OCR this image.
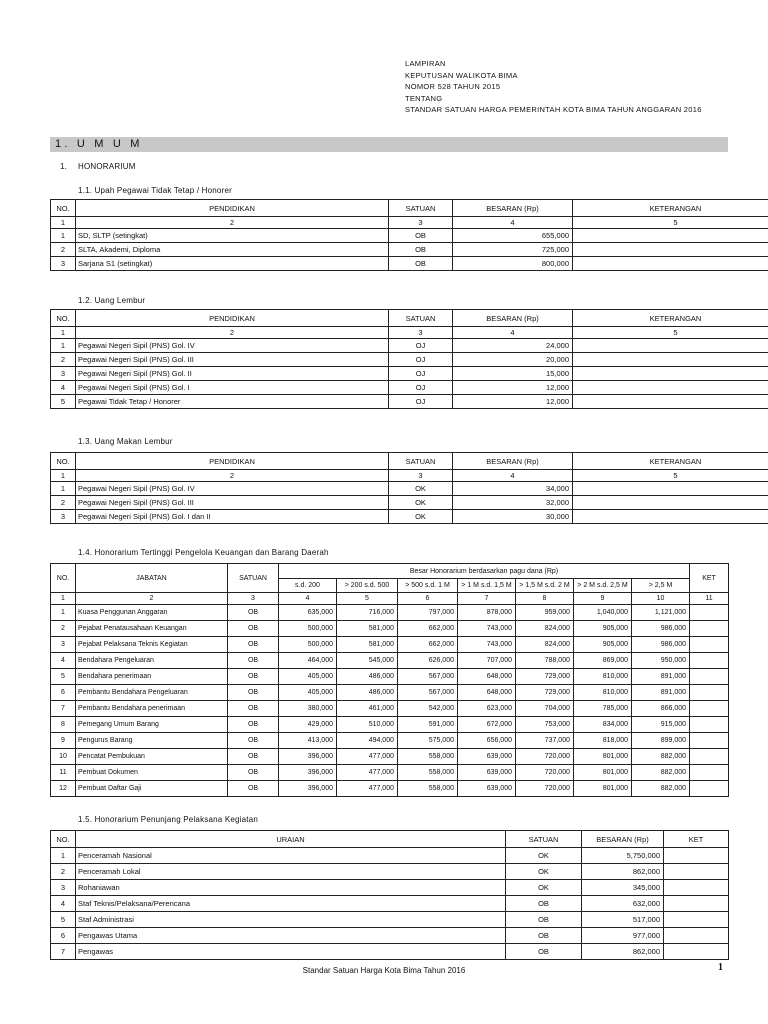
LAMPIRAN
KEPUTUSAN WALIKOTA BIMA
NOMOR 528 TAHUN 2015
TENTANG
STANDAR SATUAN HARGA PEMERINTAH KOTA BIMA TAHUN ANGGARAN 2016
1. U M U M
1. HONORARIUM
1.1. Upah Pegawai Tidak Tetap / Honorer
NO.	PENDIDIKAN	SATUAN	BESARAN (Rp)	KETERANGAN
1	2	3	4	5
1	SD, SLTP (setingkat)	OB	655,000	
2	SLTA, Akademi, Diploma	OB	725,000	
3	Sarjana S1 (setingkat)	OB	800,000	
1.2. Uang Lembur
NO.	PENDIDIKAN	SATUAN	BESARAN (Rp)	KETERANGAN
1	2	3	4	5
1	Pegawai Negeri Sipil (PNS) Gol. IV	OJ	24,000	
2	Pegawai Negeri Sipil (PNS) Gol. III	OJ	20,000	
3	Pegawai Negeri Sipil (PNS) Gol. II	OJ	15,000	
4	Pegawai Negeri Sipil (PNS) Gol. I	OJ	12,000	
5	Pegawai Tidak Tetap / Honorer	OJ	12,000	
1.3. Uang Makan Lembur
NO.	PENDIDIKAN	SATUAN	BESARAN (Rp)	KETERANGAN
1	2	3	4	5
1	Pegawai Negeri Sipil (PNS) Gol. IV	OK	34,000	
2	Pegawai Negeri Sipil (PNS) Gol. III	OK	32,000	
3	Pegawai Negeri Sipil (PNS) Gol. I dan II	OK	30,000	
1.4. Honorarium Tertinggi Pengelola Keuangan dan Barang Daerah
NO.	JABATAN	SATUAN	Besar Honorarium berdasarkan pagu dana (Rp)							KET
			s.d. 200	> 200 s.d. 500	> 500 s.d. 1 M	> 1 M s.d. 1,5 M	> 1,5 M s.d. 2 M	> 2 M s.d. 2,5 M	> 2,5 M	
1	2	3	4	5	6	7	8	9	10	11
1	Kuasa Penggunan Anggaran	OB	635,000	716,000	797,000	878,000	959,000	1,040,000	1,121,000	
2	Pejabat Penatausahaan Keuangan	OB	500,000	581,000	662,000	743,000	824,000	905,000	986,000	
3	Pejabat Pelaksana Teknis Kegiatan	OB	500,000	581,000	662,000	743,000	824,000	905,000	986,000	
4	Bendahara Pengeluaran	OB	464,000	545,000	626,000	707,000	788,000	869,000	950,000	
5	Bendahara penerimaan	OB	405,000	486,000	567,000	648,000	729,000	810,000	891,000	
6	Pembantu Bendahara Pengeluaran	OB	405,000	486,000	567,000	648,000	729,000	810,000	891,000	
7	Pembantu Bendahara penerimaan	OB	380,000	461,000	542,000	623,000	704,000	785,000	866,000	
8	Pemegang Umum Barang	OB	429,000	510,000	591,000	672,000	753,000	834,000	915,000	
9	Pengurus Barang	OB	413,000	494,000	575,000	656,000	737,000	818,000	899,000	
10	Pencatat Pembukuan	OB	396,000	477,000	558,000	639,000	720,000	801,000	882,000	
11	Pembuat Dokumen	OB	396,000	477,000	558,000	639,000	720,000	801,000	882,000	
12	Pembuat Daftar Gaji	OB	396,000	477,000	558,000	639,000	720,000	801,000	882,000	
1.5. Honorarium Penunjang Pelaksana Kegiatan
NO.	URAIAN	SATUAN	BESARAN (Rp)	KET
1	Penceramah Nasional	OK	5,750,000	
2	Penceramah Lokal	OK	862,000	
3	Rohaniawan	OK	345,000	
4	Staf Teknis/Pelaksana/Perencana	OB	632,000	
5	Staf Administrasi	OB	517,000	
6	Pengawas Utama	OB	977,000	
7	Pengawas	OB	862,000	
Standar Satuan Harga Kota Bima Tahun 2016	1
